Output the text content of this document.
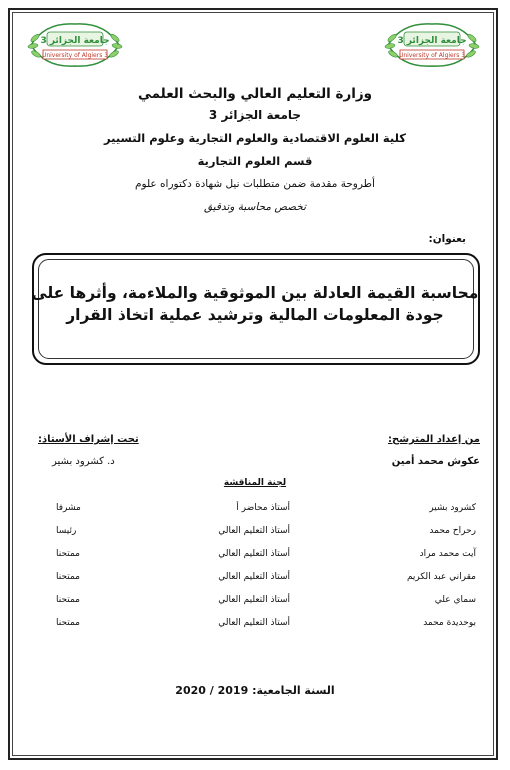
جامعة الجزائر 3
University of Algiers 3
جامعة الجزائر 3
University of Algiers 3
وزارة التعليم العالي والبحث العلمي
جامعة الجزائر 3
كلية العلوم الاقتصادية والعلوم التجارية وعلوم التسيير
قسم العلوم التجارية
أطروحة مقدمة ضمن متطلبات نيل شهادة دكتوراه علوم
تخصص محاسبة وتدقيق
بعنوان:
محاسبة القيمة العادلة بين الموثوقية والملاءمة، وأثرها على
جودة المعلومات المالية وترشيد عملية اتخاذ القرار
من إعداد المترشح:
عكوش محمد أمين
تحت إشراف الأستاذ:
د. كشرود بشير
لجنة المناقشة
كشرود بشير
أستاذ محاضر أ
مشرفا
رحراح محمد
أستاذ التعليم العالي
رئيسا
آيت محمد مراد
أستاذ التعليم العالي
ممتحنا
مقراني عبد الكريم
أستاذ التعليم العالي
ممتحنا
سماي علي
أستاذ التعليم العالي
ممتحنا
بوحديدة محمد
أستاذ التعليم العالي
ممتحنا
السنة الجامعية: 2019 / 2020
